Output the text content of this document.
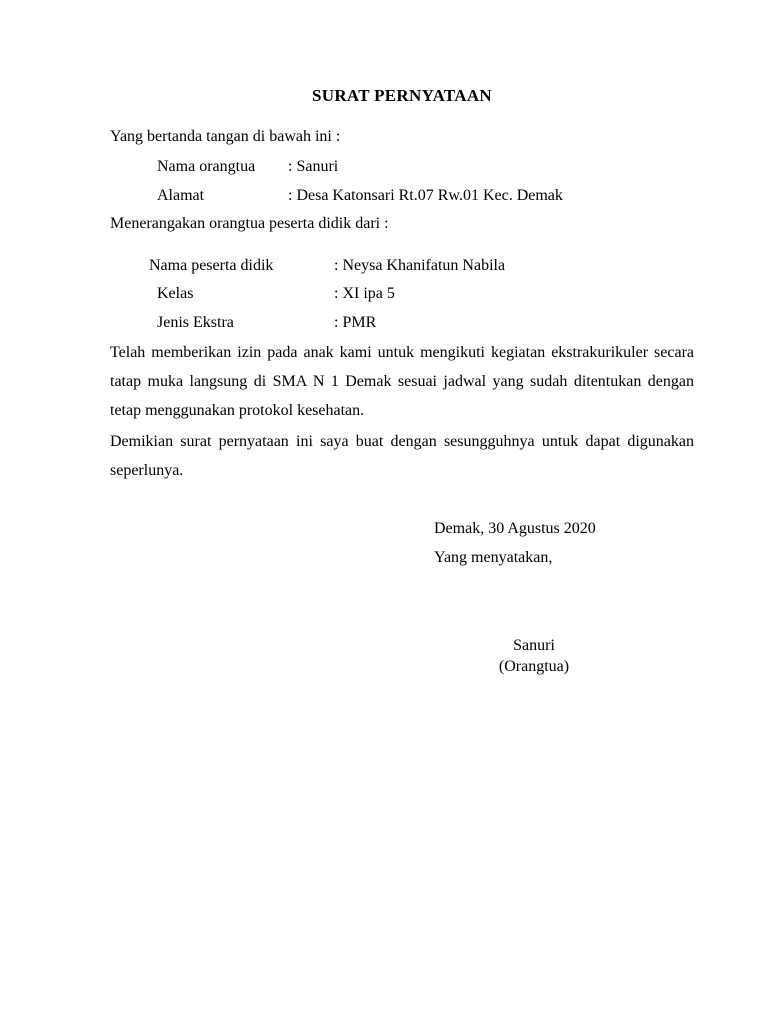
SURAT PERNYATAAN
Yang bertanda tangan di bawah ini :
Nama orangtua : Sanuri
Alamat	: Desa Katonsari Rt.07 Rw.01 Kec. Demak
Menerangakan orangtua peserta didik dari :
Nama peserta didik	: Neysa Khanifatun Nabila
Kelas	: XI ipa 5
Jenis Ekstra	: PMR
Telah memberikan izin pada anak kami untuk mengikuti kegiatan ekstrakurikuler secara tatap muka langsung di SMA N 1 Demak sesuai jadwal yang sudah ditentukan dengan tetap menggunakan protokol kesehatan.
Demikian surat pernyataan ini saya buat dengan sesungguhnya untuk dapat digunakan seperlunya.
Demak, 30 Agustus 2020
Yang menyatakan,
Sanuri
(Orangtua)
